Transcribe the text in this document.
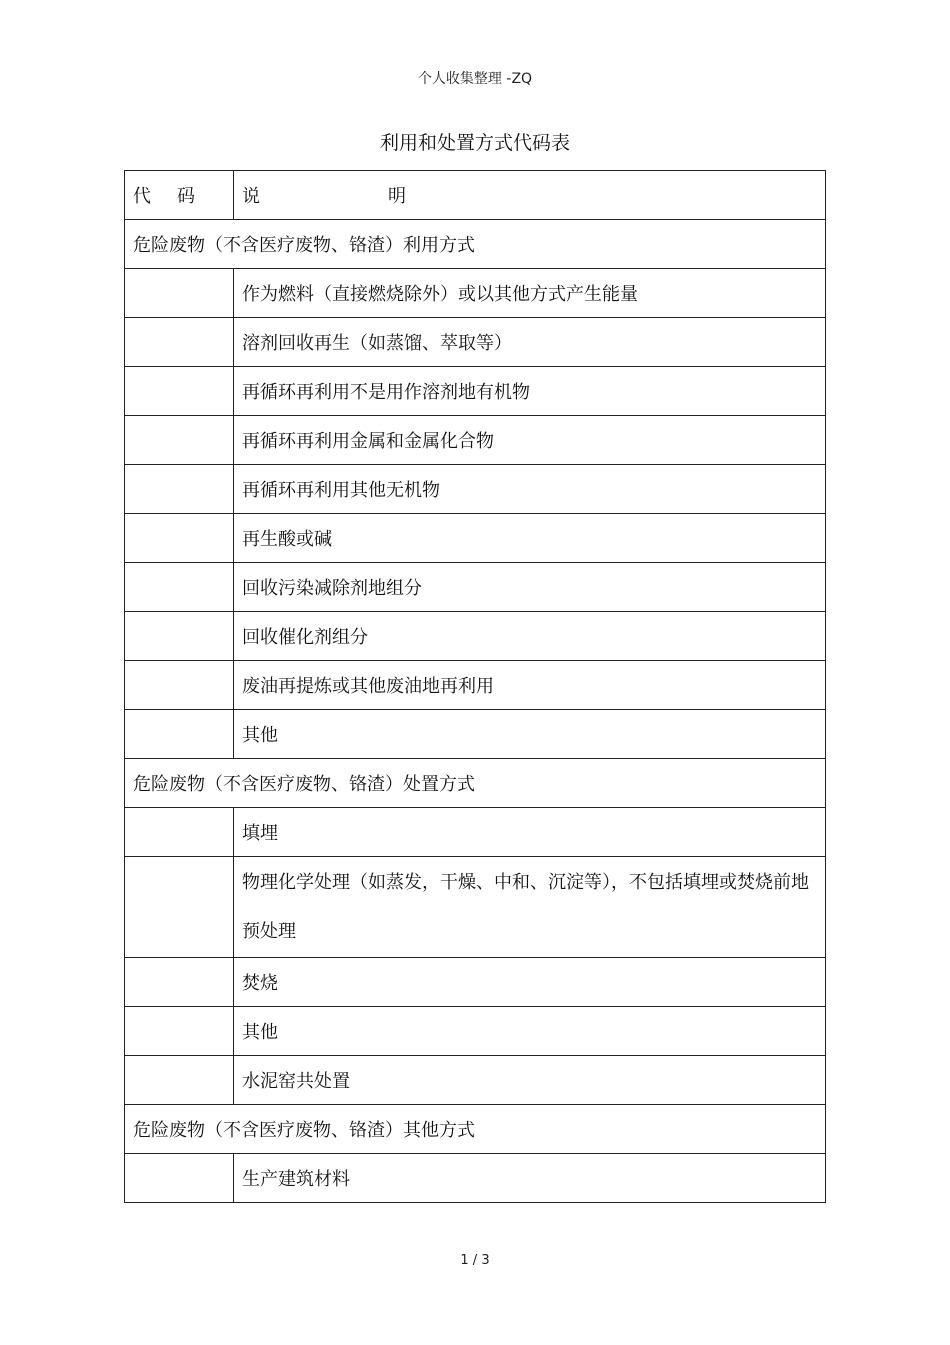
个人收集整理 -ZQ
利用和处置方式代码表
代 码	说 明
危险废物（不含医疗废物、铬渣）利用方式	
	作为燃料（直接燃烧除外）或以其他方式产生能量
	溶剂回收再生（如蒸馏、萃取等）
	再循环再利用不是用作溶剂地有机物
	再循环再利用金属和金属化合物
	再循环再利用其他无机物
	再生酸或碱
	回收污染减除剂地组分
	回收催化剂组分
	废油再提炼或其他废油地再利用
	其他
危险废物（不含医疗废物、铬渣）处置方式	
	填埋
	物理化学处理（如蒸发，干燥、中和、沉淀等），不包括填埋或焚烧前地预处理
	焚烧
	其他
	水泥窑共处置
危险废物（不含医疗废物、铬渣）其他方式	
	生产建筑材料
1 / 3
